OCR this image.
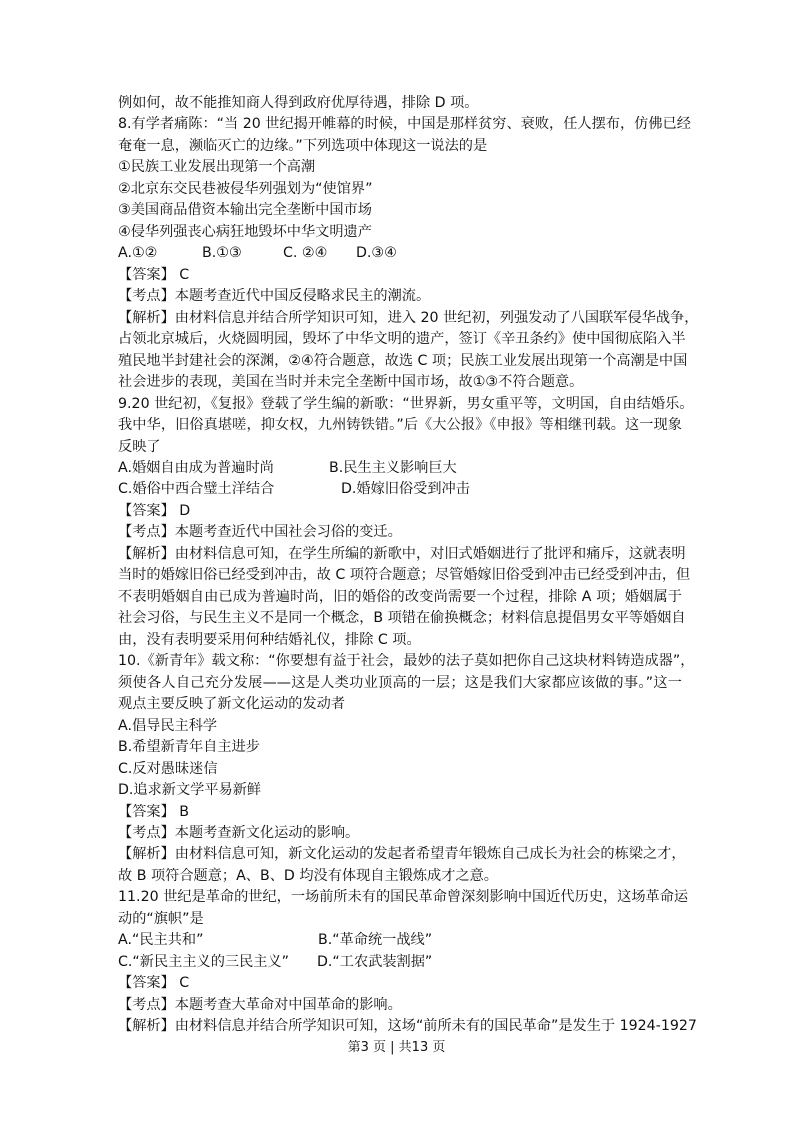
例如何，故不能推知商人得到政府优厚待遇，排除 D 项。
8.有学者痛陈：“当 20 世纪揭开帷幕的时候，中国是那样贫穷、衰败，任人摆布，仿佛已经
奄奄一息，濒临灭亡的边缘。”下列选项中体现这一说法的是
①民族工业发展出现第一个高潮
②北京东交民巷被侵华列强划为“使馆界”
③美国商品借资本输出完全垄断中国市场
④侵华列强丧心病狂地毁坏中华文明遗产
A.①②	B.①③	C. ②④ D.③④
【答案】 C
【考点】本题考查近代中国反侵略求民主的潮流。
【解析】由材料信息并结合所学知识可知，进入 20 世纪初，列强发动了八国联军侵华战争，
占领北京城后，火烧圆明园，毁坏了中华文明的遗产，签订《辛丑条约》使中国彻底陷入半
殖民地半封建社会的深渊，②④符合题意，故选 C 项；民族工业发展出现第一个高潮是中国
社会进步的表现，美国在当时并未完全垄断中国市场，故①③不符合题意。
9.20 世纪初，《复报》登载了学生编的新歌：“世界新，男女重平等，文明国，自由结婚乐。
我中华，旧俗真堪嗟，抑女权，九州铸铁错。”后《大公报》《申报》等相继刊载。这一现象
反映了
A.婚姻自由成为普遍时尚	B.民生主义影响巨大
C.婚俗中西合璧土洋结合	D.婚嫁旧俗受到冲击
【答案】 D
【考点】本题考查近代中国社会习俗的变迁。
【解析】由材料信息可知，在学生所编的新歌中，对旧式婚姻进行了批评和痛斥，这就表明
当时的婚嫁旧俗已经受到冲击，故 C 项符合题意；尽管婚嫁旧俗受到冲击已经受到冲击，但
不表明婚姻自由已成为普遍时尚，旧的婚俗的改变尚需要一个过程，排除 A 项；婚姻属于
社会习俗，与民生主义不是同一个概念，B 项错在偷换概念；材料信息提倡男女平等婚姻自
由，没有表明要采用何种结婚礼仪，排除 C 项。
10.《新青年》载文称：“你要想有益于社会，最妙的法子莫如把你自己这块材料铸造成器”，
须使各人自己充分发展——这是人类功业顶高的一层；这是我们大家都应该做的事。”这一
观点主要反映了新文化运动的发动者
A.倡导民主科学
B.希望新青年自主进步
C.反对愚昧迷信
D.追求新文学平易新鲜
【答案】 B
【考点】本题考查新文化运动的影响。
【解析】由材料信息可知，新文化运动的发起者希望青年锻炼自己成长为社会的栋梁之才，
故 B 项符合题意；A、B、D 均没有体现自主锻炼成才之意。
11.20 世纪是革命的世纪，一场前所未有的国民革命曾深刻影响中国近代历史，这场革命运
动的“旗帜”是
A.“民主共和”	B.“革命统一战线”
C.“新民主主义的三民主义” D.“工农武装割据”
【答案】 C
【考点】本题考查大革命对中国革命的影响。
【解析】由材料信息并结合所学知识可知，这场“前所未有的国民革命”是发生于 1924-1927
第3 页 | 共13 页
